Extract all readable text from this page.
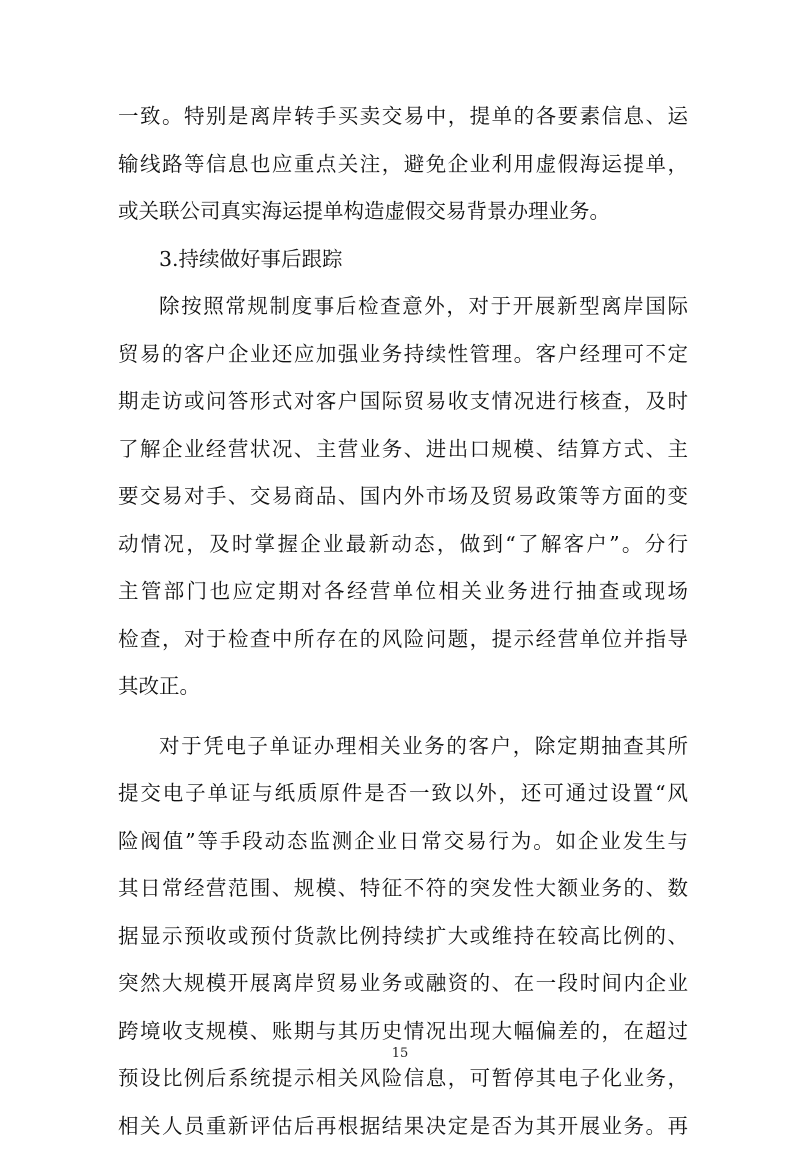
一致。特别是离岸转手买卖交易中，提单的各要素信息、运
输线路等信息也应重点关注，避免企业利用虚假海运提单，
或关联公司真实海运提单构造虚假交易背景办理业务。
3.持续做好事后跟踪
除按照常规制度事后检查意外，对于开展新型离岸国际
贸易的客户企业还应加强业务持续性管理。客户经理可不定
期走访或问答形式对客户国际贸易收支情况进行核查，及时
了解企业经营状况、主营业务、进出口规模、结算方式、主
要交易对手、交易商品、国内外市场及贸易政策等方面的变
动情况，及时掌握企业最新动态，做到“了解客户”。分行
主管部门也应定期对各经营单位相关业务进行抽查或现场
检查，对于检查中所存在的风险问题，提示经营单位并指导
其改正。
对于凭电子单证办理相关业务的客户，除定期抽查其所
提交电子单证与纸质原件是否一致以外，还可通过设置“风
险阀值”等手段动态监测企业日常交易行为。如企业发生与
其日常经营范围、规模、特征不符的突发性大额业务的、数
据显示预收或预付货款比例持续扩大或维持在较高比例的、
突然大规模开展离岸贸易业务或融资的、在一段时间内企业
跨境收支规模、账期与其历史情况出现大幅偏差的，在超过
预设比例后系统提示相关风险信息，可暂停其电子化业务，
相关人员重新评估后再根据结果决定是否为其开展业务。再
15
